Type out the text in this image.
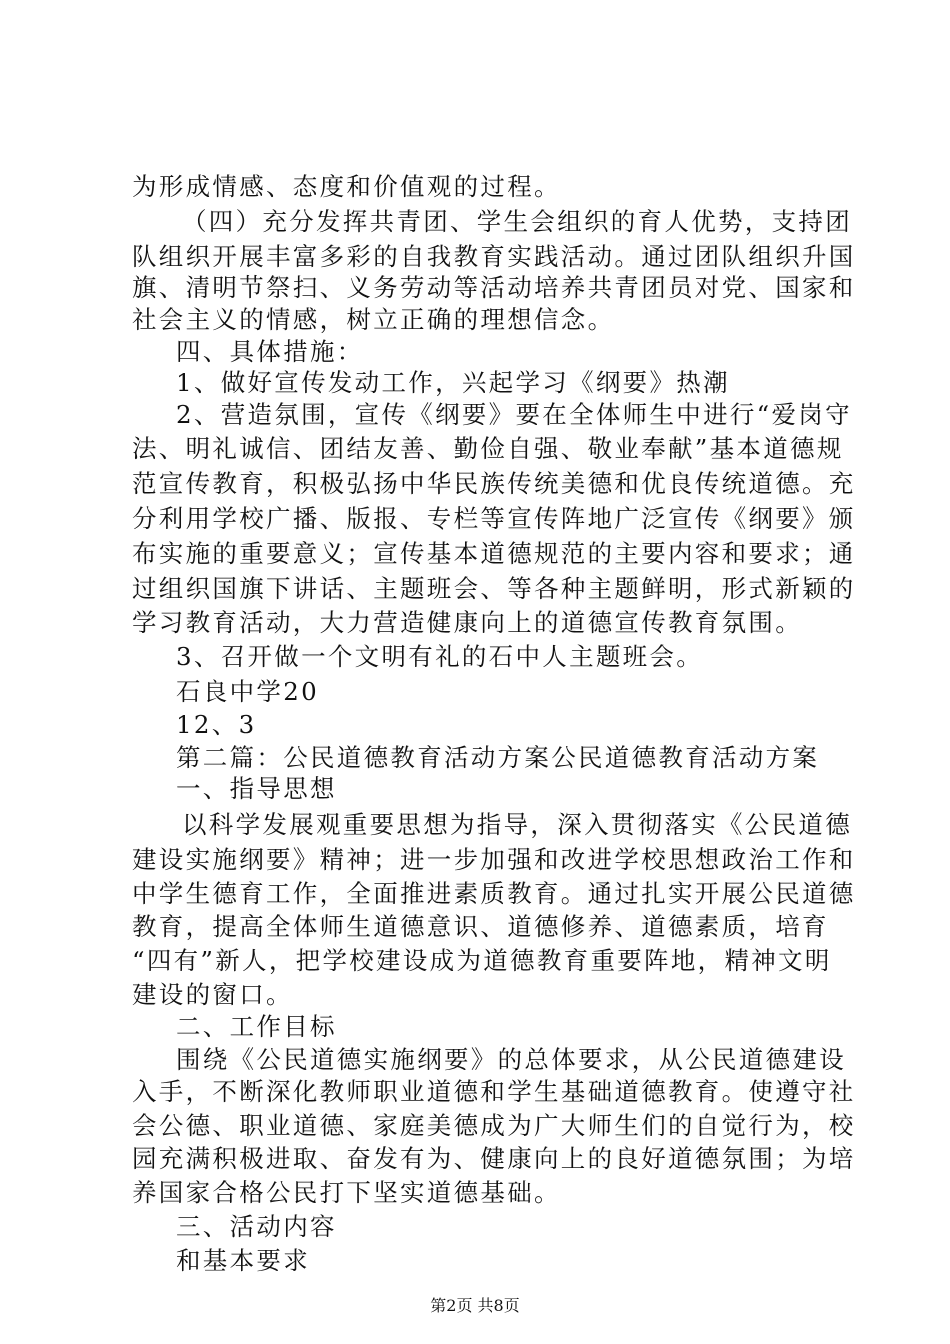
为形成情感、态度和价值观的过程。
（四）充分发挥共青团、学生会组织的育人优势，支持团
队组织开展丰富多彩的自我教育实践活动。通过团队组织升国
旗、清明节祭扫、义务劳动等活动培养共青团员对党、国家和
社会主义的情感，树立正确的理想信念。
四、具体措施：
1、做好宣传发动工作，兴起学习《纲要》热潮
2、营造氛围，宣传《纲要》要在全体师生中进行“爱岗守
法、明礼诚信、团结友善、勤俭自强、敬业奉献”基本道德规
范宣传教育，积极弘扬中华民族传统美德和优良传统道德。充
分利用学校广播、版报、专栏等宣传阵地广泛宣传《纲要》颁
布实施的重要意义；宣传基本道德规范的主要内容和要求；通
过组织国旗下讲话、主题班会、等各种主题鲜明，形式新颖的
学习教育活动，大力营造健康向上的道德宣传教育氛围。
3、召开做一个文明有礼的石中人主题班会。
石良中学20
12、3
第二篇：公民道德教育活动方案公民道德教育活动方案
一、指导思想
以科学发展观重要思想为指导，深入贯彻落实《公民道德
建设实施纲要》精神；进一步加强和改进学校思想政治工作和
中学生德育工作，全面推进素质教育。通过扎实开展公民道德
教育，提高全体师生道德意识、道德修养、道德素质，培育
“四有”新人，把学校建设成为道德教育重要阵地，精神文明
建设的窗口。
二、工作目标
围绕《公民道德实施纲要》的总体要求，从公民道德建设
入手，不断深化教师职业道德和学生基础道德教育。使遵守社
会公德、职业道德、家庭美德成为广大师生们的自觉行为，校
园充满积极进取、奋发有为、健康向上的良好道德氛围；为培
养国家合格公民打下坚实道德基础。
三、活动内容
和基本要求
第2页 共8页
